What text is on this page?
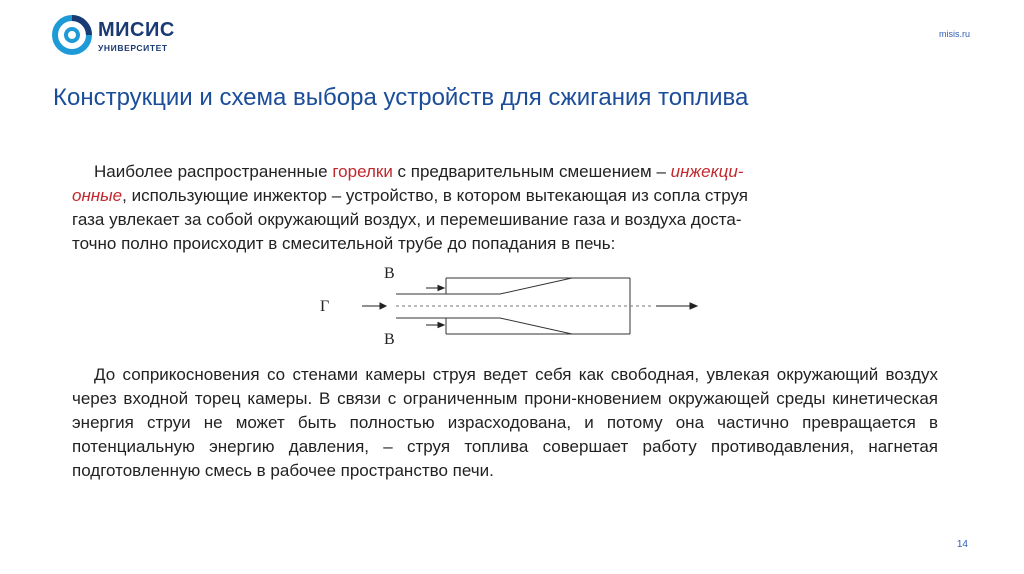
МИСИС
УНИВЕРСИТЕТ
misis.ru
Конструкции и схема выбора устройств для сжигания топлива
Наиболее распространенные горелки с предварительным смешением – инжекци-
онные, использующие инжектор – устройство, в котором вытекающая из сопла струя
газа увлекает за собой окружающий воздух, и перемешивание газа и воздуха доста-
точно полно происходит в смесительной трубе до попадания в печь:
В
Г
В
До соприкосновения со стенами камеры струя ведет себя как свободная, увлекая окружающий воздух через входной торец камеры. В связи с ограниченным прони-кновением окружающей среды кинетическая энергия струи не может быть полностью израсходована, и потому она частично превращается в потенциальную энергию давления, – струя топлива совершает работу противодавления, нагнетая подготовленную смесь в рабочее пространство печи.
14
